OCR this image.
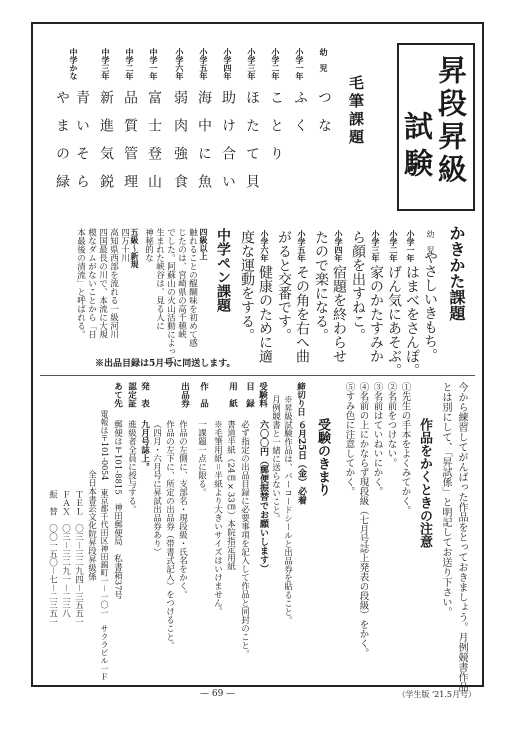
昇段昇級
試験
かきかた課題
幼　児
やさしいきもち。
小学一年
はまべをさんぽ。
小学二年
げん気にあそぶ。
小学三年
家のかたすみか
ら顔を出すねこ。
小学四年
宿題を終わらせ
たので楽になる。
小学五年
その角を右へ曲
がると交番です。
小学六年
健康のために適
度な運動をする。
中学ペン課題
四級以上
触れることの醍醐味を初めて感
じたのは、宮崎県の高千穂峡
でした。阿蘇山の火山活動によって
生まれた峡谷は、見る人に
神秘的な
五級〜新規
四万十川
高知県西部を流れる一級河川
四国最長の川で、本流に大規
模なダムがないことから「日
本最後の清流」と呼ばれる。
毛筆課題
幼　児
つ　な
小学一年
ふ　く
小学二年
こ　と　り
小学三年
ほ　た　て　貝
小学四年
助　け　合　い
小学五年
海　中　に　魚
小学六年
弱　肉　強　食
中学一年
富　士　登　山
中学二年
品　質　管　理
中学三年
新　進　気　鋭
中学かな
青　い　そ　ら
や　ま　の　緑
※出品目録は5月号に同送します。
今から練習してがんばった作品をとっておきましょう。月例競書作品
とは別にして、「昇試係」と明記してお送り下さい。
作品をかくときの注意
①先生の手本をよくみてかく。
②名前をつけない。
③名前はていねいにかく。
④名前の上にかならず現段級（七月号誌上発表の段級）をかく。
⑤すみ色に注意してかく。
受験のきまり
締切り日
６月25日（金）必着
※昇級試験作品は、バーコードシールと出品券を貼ること。
月例競書と一緒に送らないこと。
受験料
六〇〇円（郵便振替でお願いします）
目　録
必ず指定の出品目録に必要事項を記入して作品と同封のこと。
用　紙
書道半紙（24㎝×33㎝）本院指定用紙
※毛筆用紙＝半紙より大きいサイズはいけません。
作　品
一課題一点に限る。
出品券
作品の左側に、支部名・現段級・氏名をかく。
作品の左下に、所定の出品券（帯書式記入）をつけること。
（四月・六月号に昇試出品券あり）
発　表
九月号誌上。
認定証
進級者全員に授与する。
あて先
郵便は〒101-8815　神田郵便局　私書箱37号
電報は〒101-0054　東京都千代田区神田錦町一－一〇一　サクラビル一Ｆ
全日本書芸文化院昇段昇級係
ＴＥＬ　〇三－三二九四－三五五一
ＦＡＸ　〇三－三二九一－二三八
振　替　〇〇一五〇－七－二三五一
— 69 —	（学生版 '21.5月号）
